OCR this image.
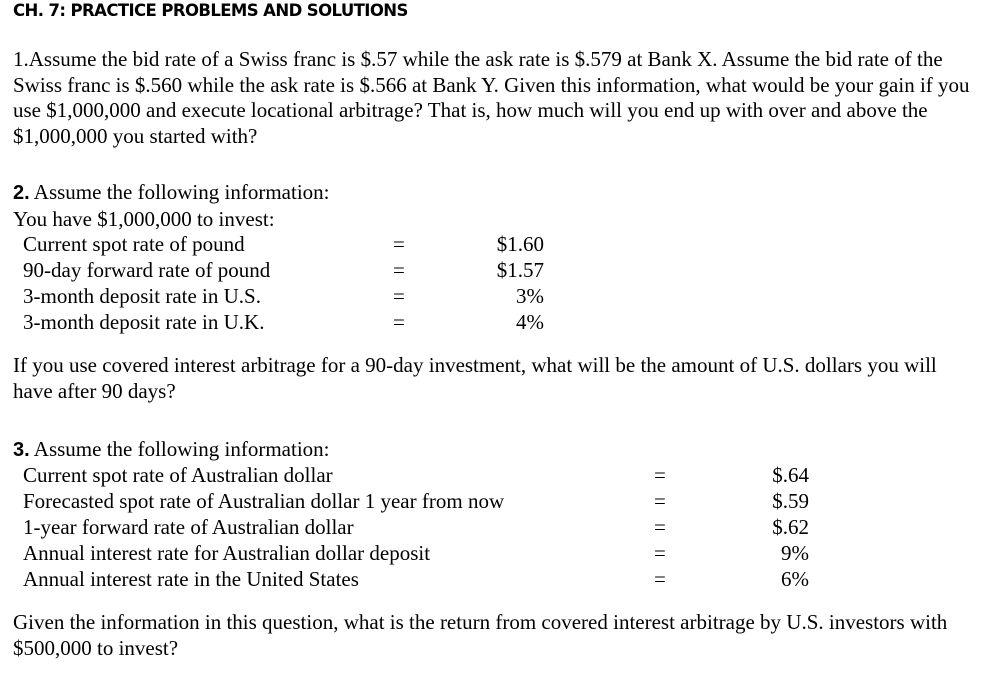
CH. 7: PRACTICE PROBLEMS AND SOLUTIONS
1.Assume the bid rate of a Swiss franc is $.57 while the ask rate is $.579 at Bank X. Assume the bid rate of the Swiss franc is $.560 while the ask rate is $.566 at Bank Y. Given this information, what would be your gain if you use $1,000,000 and execute locational arbitrage? That is, how much will you end up with over and above the $1,000,000 you started with?
2. Assume the following information:
You have $1,000,000 to invest:
Current spot rate of pound	=	$1.60
90-day forward rate of pound	=	$1.57
3-month deposit rate in U.S.	=	3%
3-month deposit rate in U.K.	=	4%
If you use covered interest arbitrage for a 90-day investment, what will be the amount of U.S. dollars you will have after 90 days?
3. Assume the following information:
Current spot rate of Australian dollar	=	$.64
Forecasted spot rate of Australian dollar 1 year from now	=	$.59
1-year forward rate of Australian dollar	=	$.62
Annual interest rate for Australian dollar deposit	=	9%
Annual interest rate in the United States	=	6%
Given the information in this question, what is the return from covered interest arbitrage by U.S. investors with $500,000 to invest?
